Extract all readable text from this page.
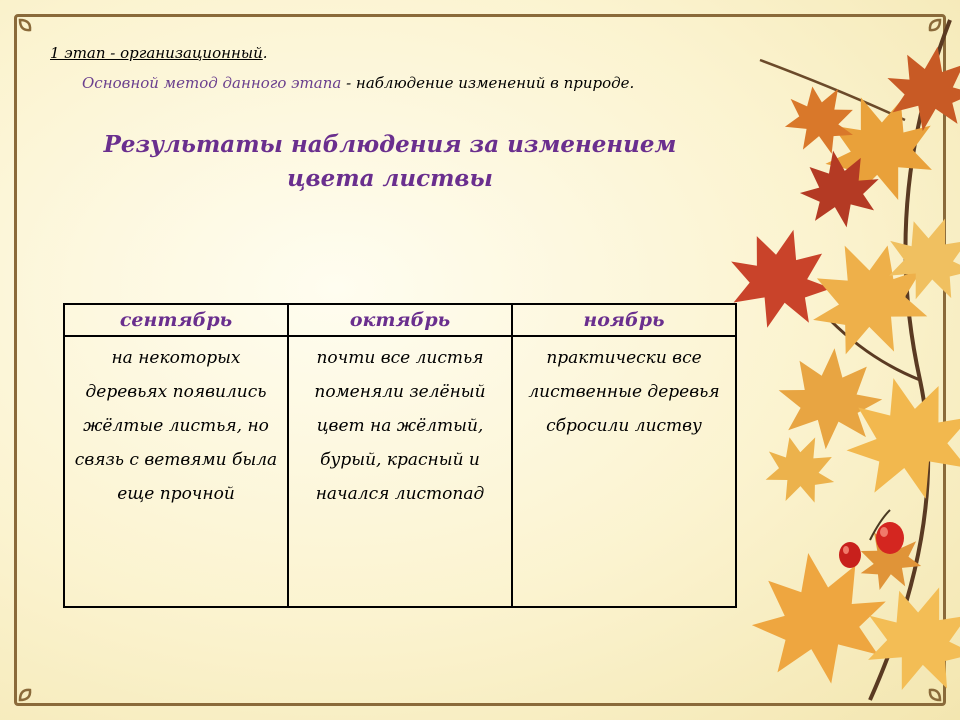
1 этап - организационный.
Основной метод данного этапа - наблюдение изменений в природе.
Результаты наблюдения за изменением цвета листвы
сентябрь	октябрь	ноябрь
на некоторых деревьях появились жёлтые листья, но связь с ветвями была еще прочной	почти все листья поменяли зелёный цвет на жёлтый, бурый, красный и начался листопад	практически все лиственные деревья сбросили листву
